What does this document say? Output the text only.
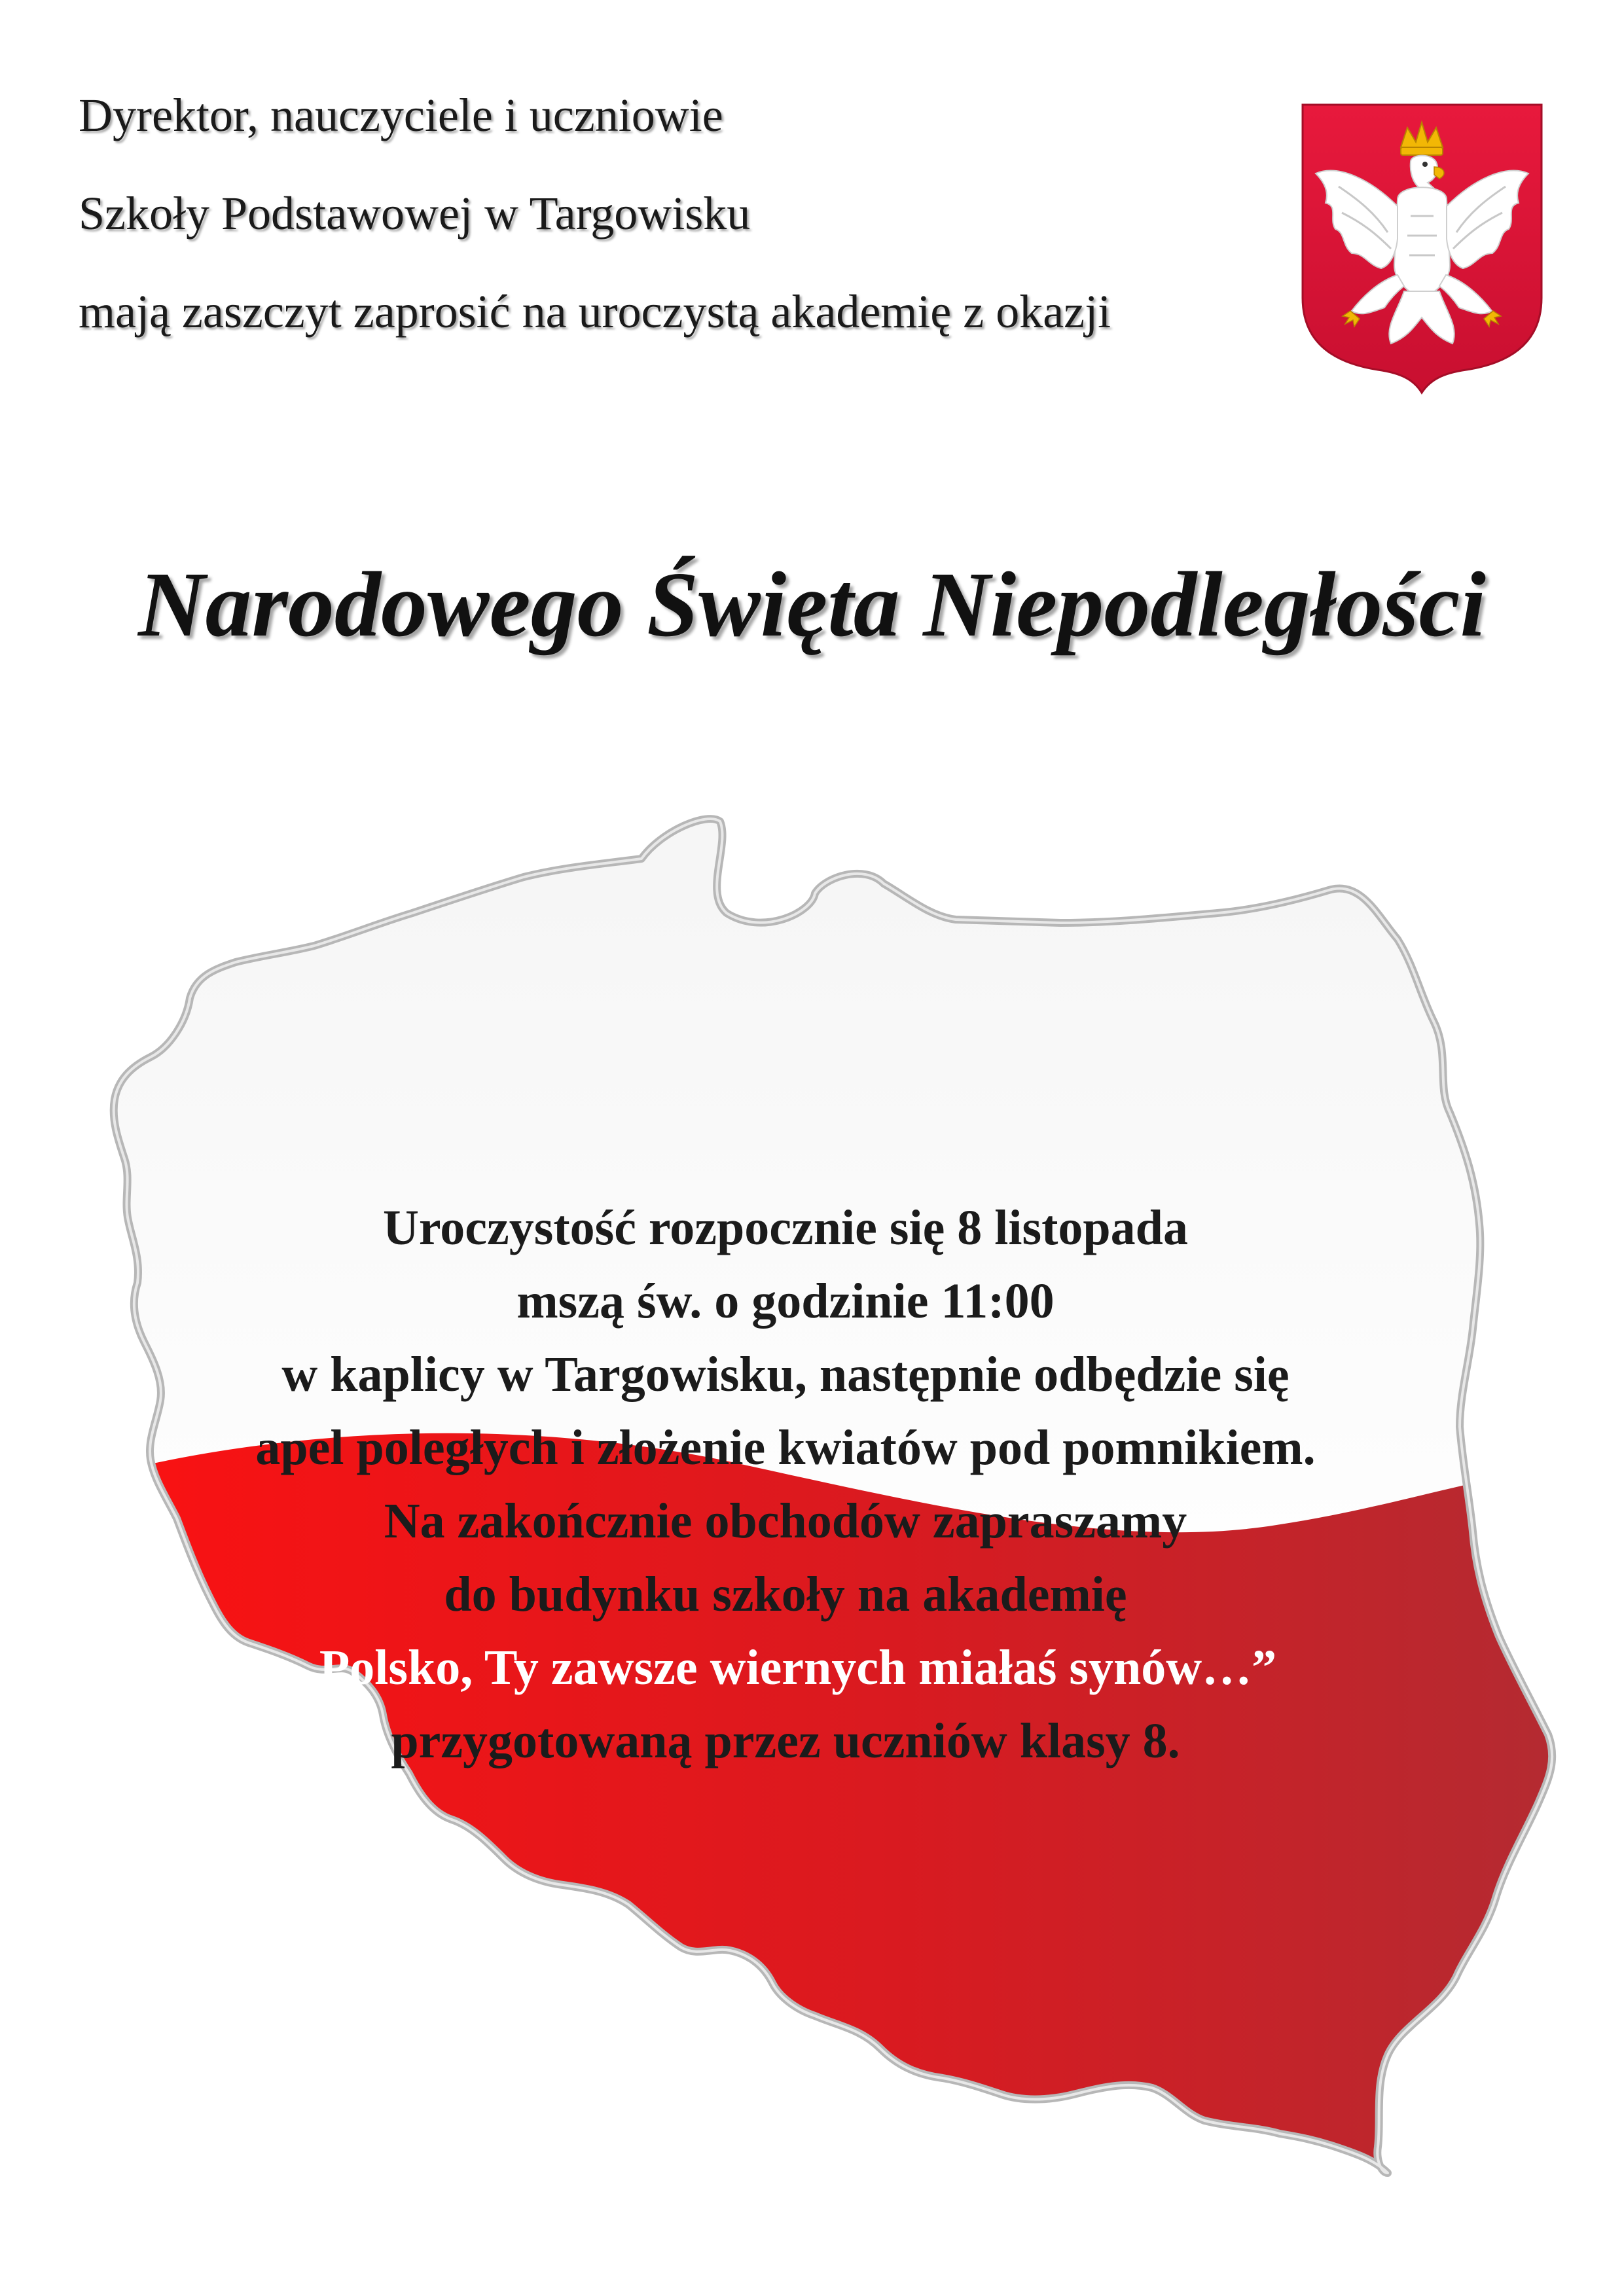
Dyrektor, nauczyciele i uczniowie
Szkoły Podstawowej w Targowisku
mają zaszczyt zaprosić na uroczystą akademię z okazji
Narodowego Święta Niepodległości
Uroczystość rozpocznie się 8 listopada
mszą św. o godzinie 11:00
w kaplicy w Targowisku, następnie odbędzie się
apel poległych i złożenie kwiatów pod pomnikiem.
Na zakończnie obchodów zapraszamy
do budynku szkoły na akademię
,,Polsko, Ty zawsze wiernych miałaś synów…”
przygotowaną przez uczniów klasy 8.
